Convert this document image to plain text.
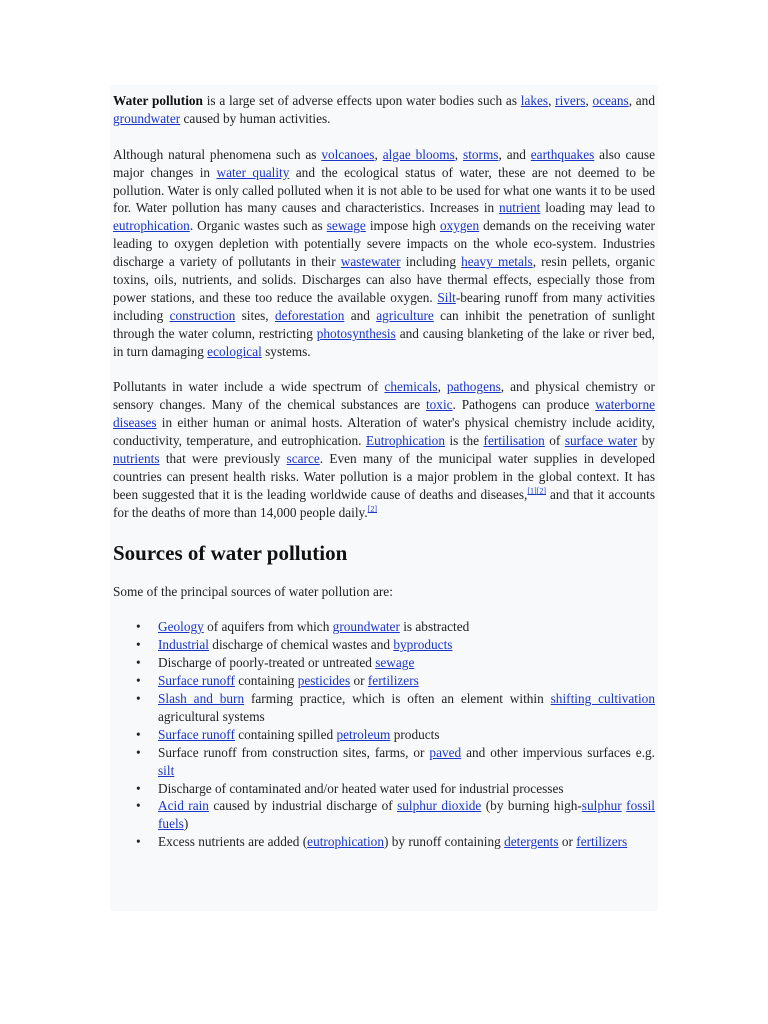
Water pollution is a large set of adverse effects upon water bodies such as lakes, rivers, oceans, and groundwater caused by human activities.

Although natural phenomena such as volcanoes, algae blooms, storms, and earthquakes also cause major changes in water quality and the ecological status of water, these are not deemed to be pollution. Water is only called polluted when it is not able to be used for what one wants it to be used for. Water pollution has many causes and characteristics. Increases in nutrient loading may lead to eutrophication. Organic wastes such as sewage impose high oxygen demands on the receiving water leading to oxygen depletion with potentially severe impacts on the whole eco-system. Industries discharge a variety of pollutants in their wastewater including heavy metals, resin pellets, organic toxins, oils, nutrients, and solids. Discharges can also have thermal effects, especially those from power stations, and these too reduce the available oxygen. Silt-bearing runoff from many activities including construction sites, deforestation and agriculture can inhibit the penetration of sunlight through the water column, restricting photosynthesis and causing blanketing of the lake or river bed, in turn damaging ecological systems.

Pollutants in water include a wide spectrum of chemicals, pathogens, and physical chemistry or sensory changes. Many of the chemical substances are toxic. Pathogens can produce waterborne diseases in either human or animal hosts. Alteration of water's physical chemistry include acidity, conductivity, temperature, and eutrophication. Eutrophication is the fertilisation of surface water by nutrients that were previously scarce. Even many of the municipal water supplies in developed countries can present health risks. Water pollution is a major problem in the global context. It has been suggested that it is the leading worldwide cause of deaths and diseases,[1][2] and that it accounts for the deaths of more than 14,000 people daily.[2]

Sources of water pollution

Some of the principal sources of water pollution are:

• Geology of aquifers from which groundwater is abstracted
• Industrial discharge of chemical wastes and byproducts
• Discharge of poorly-treated or untreated sewage
• Surface runoff containing pesticides or fertilizers
• Slash and burn farming practice, which is often an element within shifting cultivation agricultural systems
• Surface runoff containing spilled petroleum products
• Surface runoff from construction sites, farms, or paved and other impervious surfaces e.g. silt
• Discharge of contaminated and/or heated water used for industrial processes
• Acid rain caused by industrial discharge of sulphur dioxide (by burning high-sulphur fossil fuels)
• Excess nutrients are added (eutrophication) by runoff containing detergents or fertilizers
